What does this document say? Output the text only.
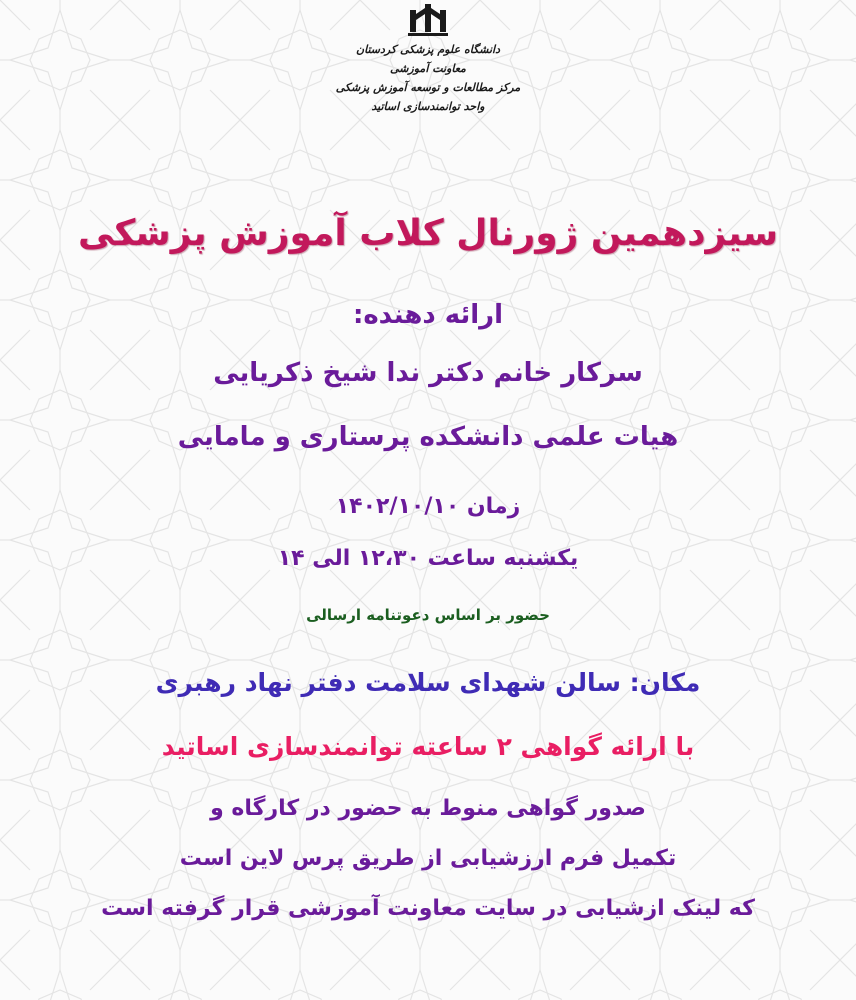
دانشگاه علوم پزشکی کردستان
معاونت آموزشی
مرکز مطالعات و توسعه آموزش پزشکی
واحد توانمندسازی اساتید
سیزدهمین ژورنال کلاب آموزش پزشکی
ارائه دهنده:
سرکار خانم دکتر ندا شیخ ذکریایی
هیات علمی دانشکده پرستاری و مامایی
زمان ۱۴۰۲/۱۰/۱۰
یکشنبه ساعت ۱۲،۳۰ الی ۱۴
حضور بر اساس دعوتنامه ارسالی
مکان: سالن شهدای سلامت دفتر نهاد رهبری
با ارائه گواهی ۲ ساعته توانمندسازی اساتید
صدور گواهی منوط به حضور در کارگاه و
تکمیل فرم ارزشیابی از طریق پرس لاین است
که لینک ازشیابی در سایت معاونت آموزشی قرار گرفته است
